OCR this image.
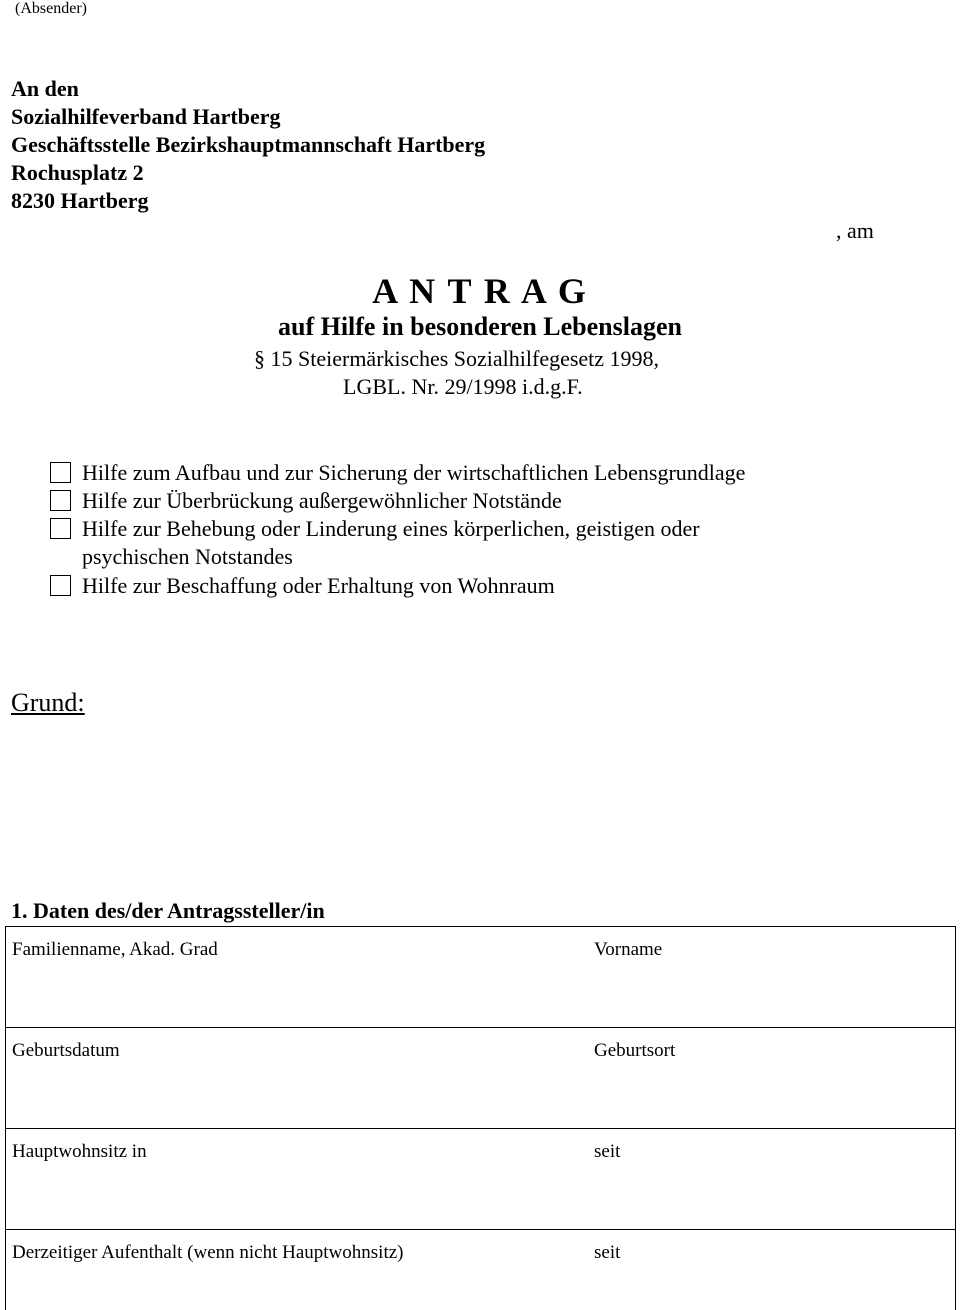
(Absender)
An den
Sozialhilfeverband Hartberg
Geschäftsstelle Bezirkshauptmannschaft Hartberg
Rochusplatz 2
8230 Hartberg
, am
A N T R A G
auf Hilfe in besonderen Lebenslagen
§ 15 Steiermärkisches Sozialhilfegesetz 1998,
LGBL. Nr. 29/1998 i.d.g.F.
Hilfe zum Aufbau und zur Sicherung der wirtschaftlichen Lebensgrundlage
Hilfe zur Überbrückung außergewöhnlicher Notstände
Hilfe zur Behebung oder Linderung eines körperlichen, geistigen oder psychischen Notstandes
Hilfe zur Beschaffung oder Erhaltung von Wohnraum
Grund:
1. Daten des/der Antragssteller/in
Familienname, Akad. Grad	Vorname
Geburtsdatum	Geburtsort
Hauptwohnsitz in	seit
Derzeitiger Aufenthalt (wenn nicht Hauptwohnsitz)	seit
